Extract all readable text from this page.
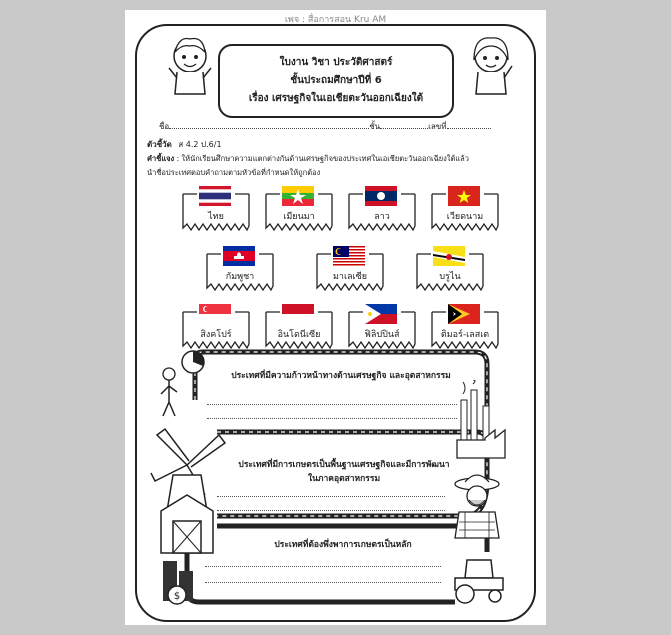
เพจ : สื่อการสอน Kru AM
ใบงาน วิชา ประวัติศาสตร์
ชั้นประถมศึกษาปีที่ 6
เรื่อง เศรษฐกิจในเอเชียตะวันออกเฉียงใต้
ชื่อ	ชั้น	เลขที่
ตัวชี้วัด ส 4.2 ป.6/1
คำชี้แจง : ให้นักเรียนศึกษาความแตกต่างกันด้านเศรษฐกิจของประเทศในเอเชียตะวันออกเฉียงใต้แล้ว
นำชื่อประเทศตอบคำถามตามหัวข้อที่กำหนดให้ถูกต้อง
ไทย	เมียนมา	ลาว	เวียดนาม
กัมพูชา	มาเลเซีย	บรูไน
สิงคโปร์	อินโดนีเซีย	ฟิลิปปินส์	ติมอร์-เลสเต
$
ประเทศที่มีความก้าวหน้าทางด้านเศรษฐกิจ และอุตสาหกรรม
ประเทศที่มีการเกษตรเป็นพื้นฐานเศรษฐกิจและมีการพัฒนา
ในภาคอุตสาหกรรม
ประเทศที่ต้องพึ่งพาการเกษตรเป็นหลัก
